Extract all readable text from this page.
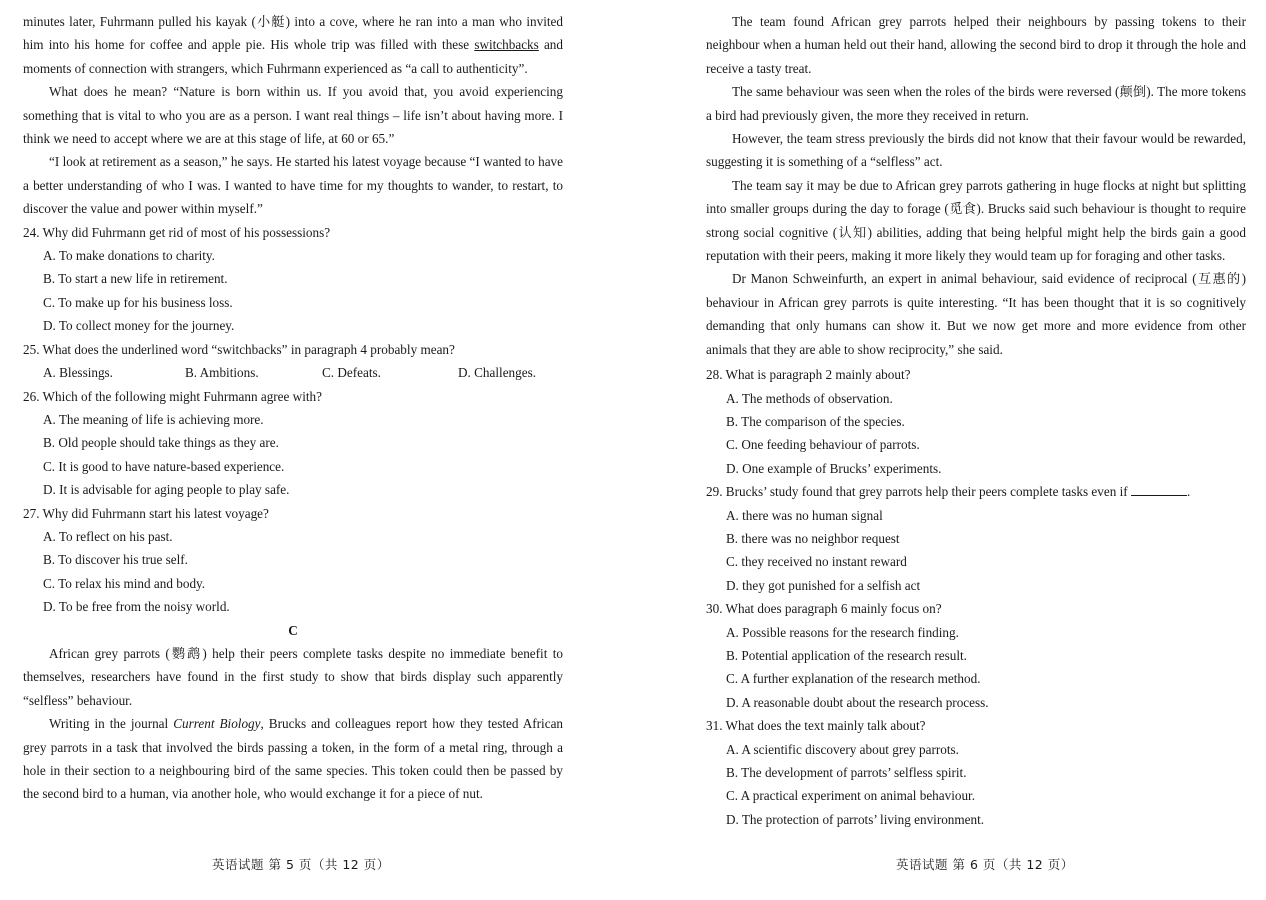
minutes later, Fuhrmann pulled his kayak (小艇) into a cove, where he ran into a man who invited him into his home for coffee and apple pie. His whole trip was filled with these switchbacks and moments of connection with strangers, which Fuhrmann experienced as “a call to authenticity”.

What does he mean? “Nature is born within us. If you avoid that, you avoid experiencing something that is vital to who you are as a person. I want real things – life isn’t about having more. I think we need to accept where we are at this stage of life, at 60 or 65.”

“I look at retirement as a season,” he says. He started his latest voyage because “I wanted to have a better understanding of who I was. I wanted to have time for my thoughts to wander, to restart, to discover the value and power within myself.”

24. Why did Fuhrmann get rid of most of his possessions?

A. To make donations to charity.
B. To start a new life in retirement.
C. To make up for his business loss.
D. To collect money for the journey.

25. What does the underlined word “switchbacks” in paragraph 4 probably mean?

A. Blessings.	B. Ambitions.	C. Defeats.	D. Challenges.

26. Which of the following might Fuhrmann agree with?

A. The meaning of life is achieving more.
B. Old people should take things as they are.
C. It is good to have nature-based experience.
D. It is advisable for aging people to play safe.

27. Why did Fuhrmann start his latest voyage?

A. To reflect on his past.
B. To discover his true self.
C. To relax his mind and body.
D. To be free from the noisy world.

C

African grey parrots (鹦鹉) help their peers complete tasks despite no immediate benefit to themselves, researchers have found in the first study to show that birds display such apparently “selfless” behaviour.

Writing in the journal Current Biology, Brucks and colleagues report how they tested African grey parrots in a task that involved the birds passing a token, in the form of a metal ring, through a hole in their section to a neighbouring bird of the same species. This token could then be passed by the second bird to a human, via another hole, who would exchange it for a piece of nut.

英语试题 第 5 页（共 12 页）

The team found African grey parrots helped their neighbours by passing tokens to their neighbour when a human held out their hand, allowing the second bird to drop it through the hole and receive a tasty treat.

The same behaviour was seen when the roles of the birds were reversed (颠倒). The more tokens a bird had previously given, the more they received in return.

However, the team stress previously the birds did not know that their favour would be rewarded, suggesting it is something of a “selfless” act.

The team say it may be due to African grey parrots gathering in huge flocks at night but splitting into smaller groups during the day to forage (觅食). Brucks said such behaviour is thought to require strong social cognitive (认知) abilities, adding that being helpful might help the birds gain a good reputation with their peers, making it more likely they would team up for foraging and other tasks.

Dr Manon Schweinfurth, an expert in animal behaviour, said evidence of reciprocal (互惠的) behaviour in African grey parrots is quite interesting. “It has been thought that it is so cognitively demanding that only humans can show it. But we now get more and more evidence from other animals that they are able to show reciprocity,” she said.

28. What is paragraph 2 mainly about?

A. The methods of observation.
B. The comparison of the species.
C. One feeding behaviour of parrots.
D. One example of Brucks’ experiments.

29. Brucks’ study found that grey parrots help their peers complete tasks even if	.

A. there was no human signal
B. there was no neighbor request
C. they received no instant reward
D. they got punished for a selfish act

30. What does paragraph 6 mainly focus on?

A. Possible reasons for the research finding.
B. Potential application of the research result.
C. A further explanation of the research method.
D. A reasonable doubt about the research process.

31. What does the text mainly talk about?

A. A scientific discovery about grey parrots.
B. The development of parrots’ selfless spirit.
C. A practical experiment on animal behaviour.
D. The protection of parrots’ living environment.
英语试题 第 6 页（共 12 页）
